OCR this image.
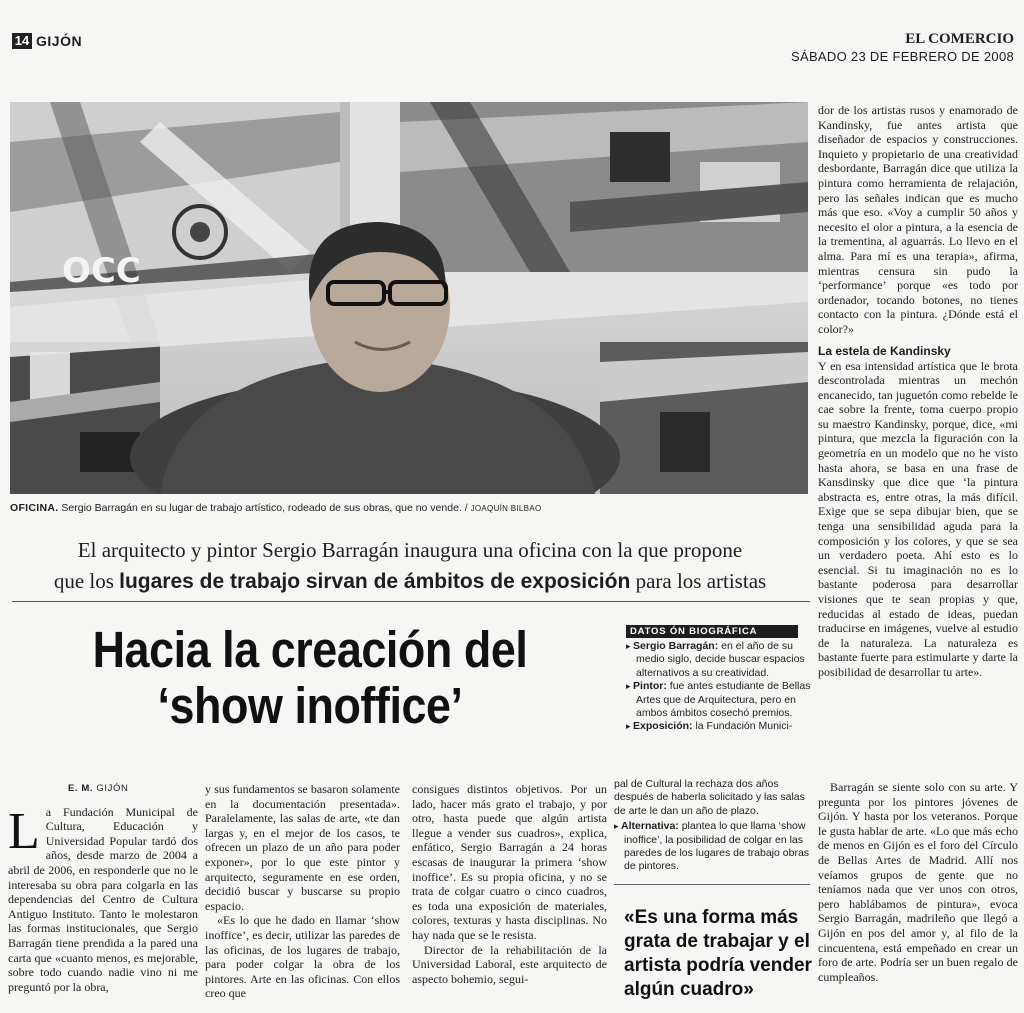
14 GIJÓN	EL COMERCIO
SÁBADO 23 DE FEBRERO DE 2008
OCC
OFICINA. Sergio Barragán en su lugar de trabajo artístico, rodeado de sus obras, que no vende. / JOAQUÍN BILBAO
El arquitecto y pintor Sergio Barragán inaugura una oficina con la que propone
que los lugares de trabajo sirvan de ámbitos de exposición para los artistas
Hacia la creación del
‘show inoffice’
DATOS ÓN BIOGRÁFICA

▸ Sergio Barragán: en el año de su medio siglo, decide buscar espacios alternativos a su creatividad.

▸ Pintor: fue antes estudiante de Bellas Artes que de Arquitectura, pero en ambos ámbitos cosechó premios.

▸ Exposición: la Fundación Munici-

dor de los artistas rusos y enamorado de Kandinsky, fue antes artista que diseñador de espacios y construcciones. Inquieto y propietario de una creatividad desbordante, Barragán dice que utiliza la pintura como herramienta de relajación, pero las señales indican que es mucho más que eso. «Voy a cumplir 50 años y necesito el olor a pintura, a la esencia de la trementina, al aguarrás. Lo llevo en el alma. Para mí es una terapia», afirma, mientras censura sin pudo la ‘performance’ porque «es todo por ordenador, tocando botones, no tienes contacto con la pintura. ¿Dónde está el color?»

La estela de Kandinsky

Y en esa intensidad artística que le brota descontrolada mientras un mechón encanecido, tan juguetón como rebelde le cae sobre la frente, toma cuerpo propio su maestro Kandinsky, porque, dice, «mi pintura, que mezcla la figuración con la geometría en un modelo que no he visto hasta ahora, se basa en una frase de Kansdinsky que dice que ‘la pintura abstracta es, entre otras, la más difícil. Exige que se sepa dibujar bien, que se tenga una sensibilidad aguda para la composición y los colores, y que se sea un verdadero poeta. Ahí esto es lo esencial. Si tu imaginación no es lo bastante poderosa para desarrollar visiones que te sean propias y que, reducidas al estado de ideas, puedan traducirse en imágenes, vuelve al estudio de la naturaleza. La naturaleza es bastante fuerte para estimularte y darte la posibilidad de desarrollar tu arte».

E. M. GIJÓN

La Fundación Municipal de Cultura, Educación y Universidad Popular tardó dos años, desde marzo de 2004 a abril de 2006, en responderle que no le interesaba su obra para colgarla en las dependencias del Centro de Cultura Antiguo Instituto. Tanto le molestaron las formas institucionales, que Sergio Barragán tiene prendida a la pared una carta que «cuanto menos, es mejorable, sobre todo cuando nadie vino ni me preguntó por la obra,

y sus fundamentos se basaron solamente en la documentación presentada». Paralelamente, las salas de arte, «te dan largas y, en el mejor de los casos, te ofrecen un plazo de un año para poder exponer», por lo que este pintor y arquitecto, seguramente en ese orden, decidió buscar y buscarse su propio espacio.

«Es lo que he dado en llamar ‘show inoffice’, es decir, utilizar las paredes de las oficinas, de los lugares de trabajo, para poder colgar la obra de los pintores. Arte en las oficinas. Con ellos creo que

consigues distintos objetivos. Por un lado, hacer más grato el trabajo, y por otro, hasta puede que algún artista llegue a vender sus cuadros», explica, enfático, Sergio Barragán a 24 horas escasas de inaugurar la primera ‘show inoffice’. Es su propia oficina, y no se trata de colgar cuatro o cinco cuadros, es toda una exposición de materiales, colores, texturas y hasta disciplinas. No hay nada que se le resista.

Director de la rehabilitación de la Universidad Laboral, este arquitecto de aspecto bohemio, segui-

pal de Cultural la rechaza dos años después de haberla solicitado y las salas de arte le dan un año de plazo.
▸ Alternativa: plantea lo que llama ‘show inoffice’, la posibilidad de colgar en las paredes de los lugares de trabajo obras de pintores.
«Es una forma más grata de trabajar y el artista podría vender algún cuadro»

Barragán se siente solo con su arte. Y pregunta por los pintores jóvenes de Gijón. Y hasta por los veteranos. Porque le gusta hablar de arte. «Lo que más echo de menos en Gijón es el foro del Círculo de Bellas Artes de Madrid. Allí nos veíamos grupos de gente que no teníamos nada que ver unos con otros, pero hablábamos de pintura», evoca Sergio Barragán, madrileño que llegó a Gijón en pos del amor y, al filo de la cincuentena, está empeñado en crear un foro de arte. Podría ser un buen regalo de cumpleaños.
